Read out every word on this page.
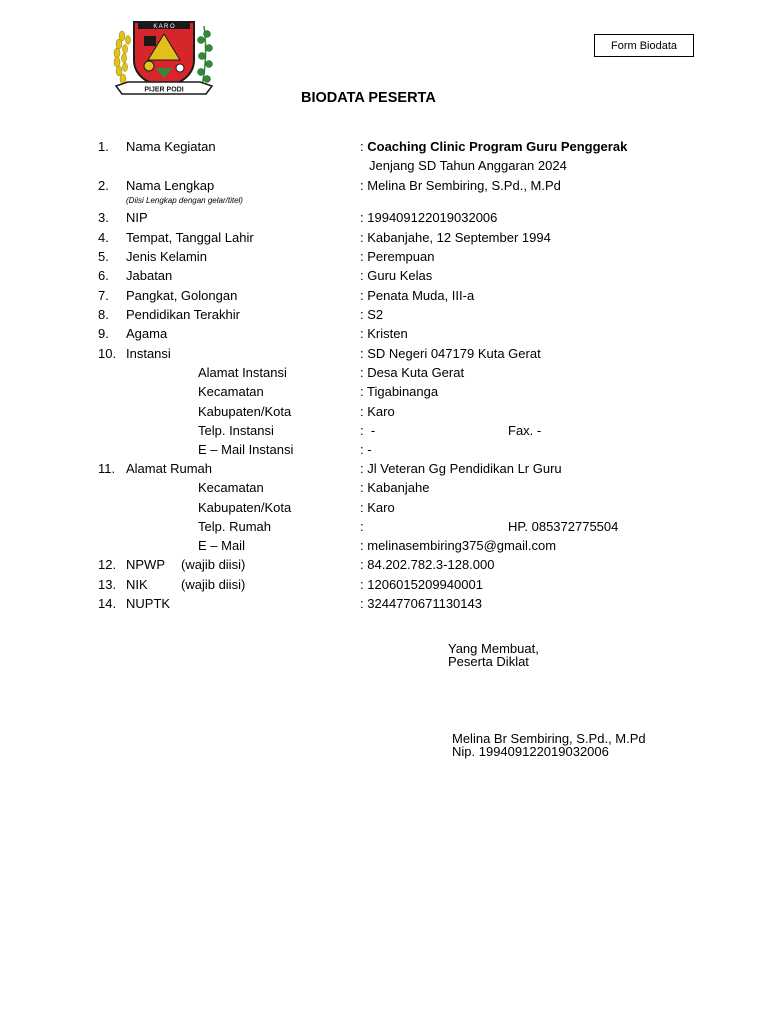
K A R O
PIJER PODI
Form Biodata
BIODATA PESERTA
1. Nama Kegiatan	: Coaching Clinic Program Guru Penggerak
Jenjang SD Tahun Anggaran 2024
2. Nama Lengkap
(Diisi Lengkap dengan gelar/titel)
: Melina Br Sembiring, S.Pd., M.Pd
3. NIP	: 199409122019032006
4. Tempat, Tanggal Lahir	: Kabanjahe, 12 September 1994
5. Jenis Kelamin	: Perempuan
6. Jabatan	: Guru Kelas
7. Pangkat, Golongan	: Penata Muda, III-a
8. Pendidikan Terakhir	: S2
9. Agama	: Kristen
10. Instansi	: SD Negeri 047179 Kuta Gerat
Alamat Instansi	: Desa Kuta Gerat
Kecamatan	: Tigabinanga
Kabupaten/Kota	: Karo
Telp. Instansi	: -	Fax. -
E – Mail Instansi	: -
11. Alamat Rumah	: Jl Veteran Gg Pendidikan Lr Guru
Kecamatan	: Kabanjahe
Kabupaten/Kota	: Karo
Telp. Rumah	:	HP. 085372775504
E – Mail	: melinasembiring375@gmail.com
12. NPWP (wajib diisi)	: 84.202.782.3-128.000
13. NIK	(wajib diisi)	: 1206015209940001
14. NUPTK	: 3244770671130143
Yang Membuat,
Peserta Diklat
Melina Br Sembiring, S.Pd., M.Pd
Nip. 199409122019032006
